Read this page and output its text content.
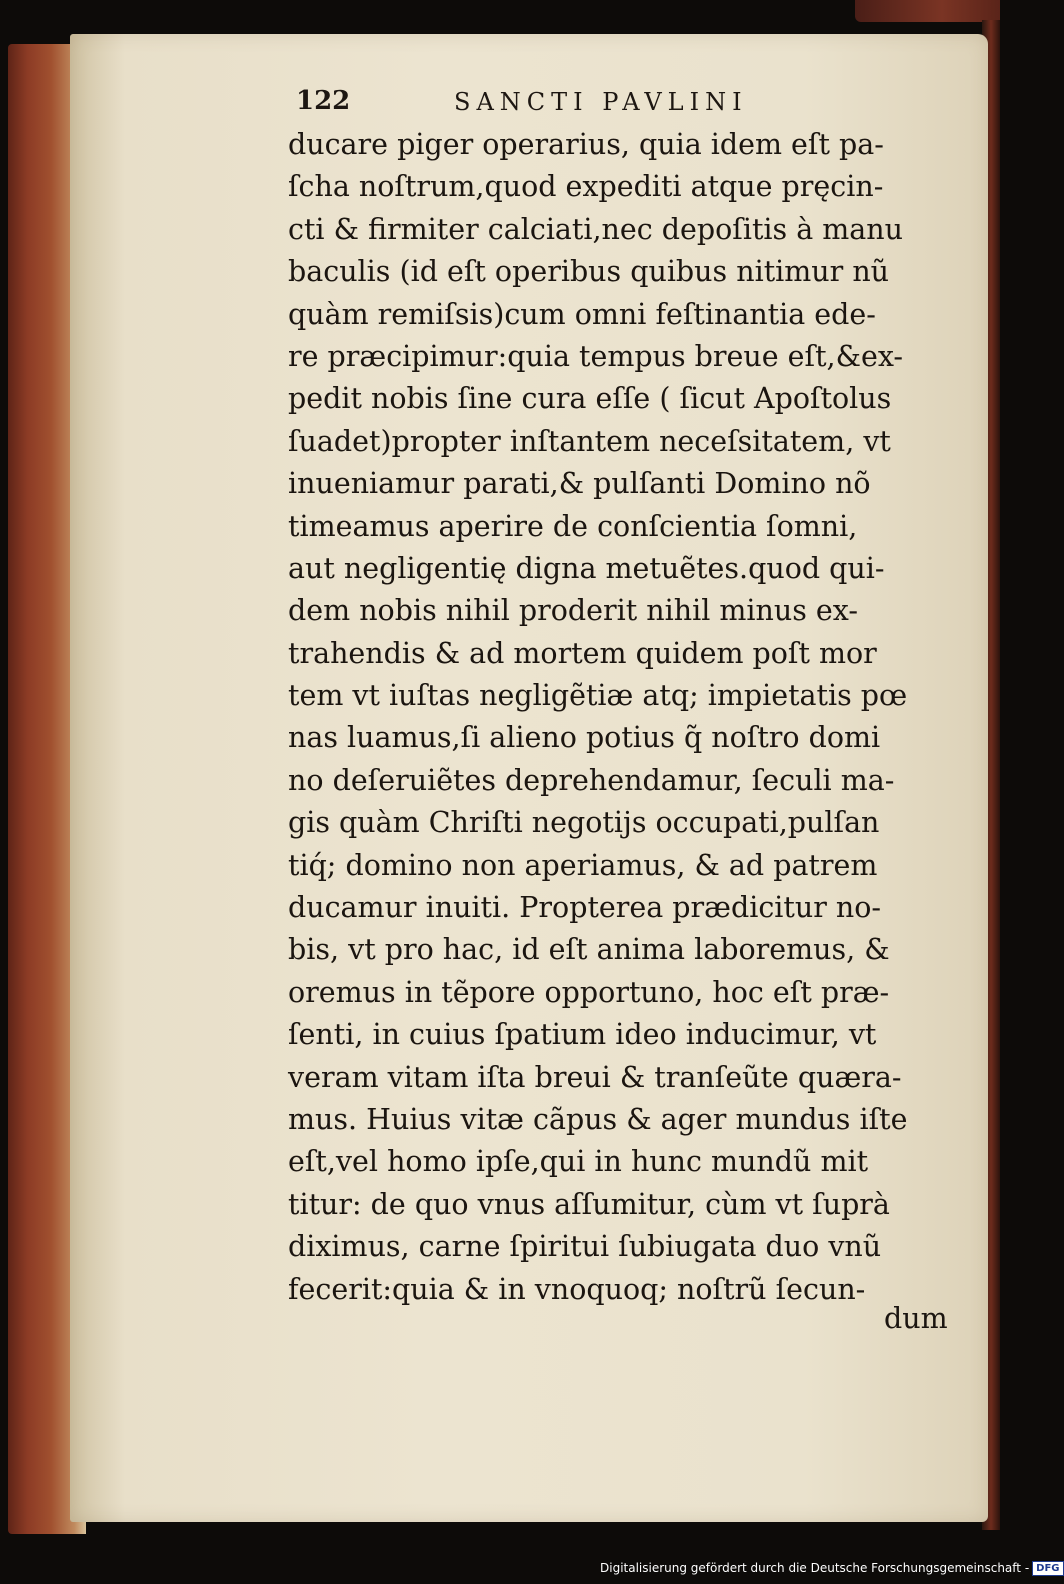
122	SANCTI PAVLINI
ducare piger operarius, quia idem eſt pa-
ſcha noſtrum,quod expediti atque pręcin-
cti & firmiter calciati,nec depoſitis à manu
baculis (id eſt operibus quibus nitimur nũ
quàm remiſsis)cum omni feſtinantia ede-
re præcipimur:quia tempus breue eſt,&ex-
pedit nobis ſine cura eſſe ( ſicut Apoſtolus
ſuadet)propter inſtantem neceſsitatem, vt
inueniamur parati,& pulſanti Domino nõ
timeamus aperire de conſcientia ſomni,
aut negligentię digna metuẽtes.quod qui-
dem nobis nihil proderit nihil minus ex-
trahendis & ad mortem quidem poſt mor
tem vt iuſtas negligẽtiæ atq; impietatis pœ
nas luamus,ſi alieno potius q̃ noſtro domi
no deſeruiẽtes deprehendamur, ſeculi ma-
gis quàm Chriſti negotijs occupati,pulſan
tiq́; domino non aperiamus, & ad patrem
ducamur inuiti. Propterea prædicitur no-
bis, vt pro hac, id eſt anima laboremus, &
oremus in tẽpore opportuno, hoc eſt præ-
ſenti, in cuius ſpatium ideo inducimur, vt
veram vitam iſta breui & tranſeũte quæra-
mus. Huius vitæ cãpus & ager mundus iſte
eſt,vel homo ipſe,qui in hunc mundũ mit
titur: de quo vnus aſſumitur, cùm vt ſuprà
diximus, carne ſpiritui ſubiugata duo vnũ
fecerit:quia & in vnoquoq; noſtrũ ſecun-
dum
Digitalisierung gefördert durch die Deutsche Forschungsgemeinschaft - DFG
